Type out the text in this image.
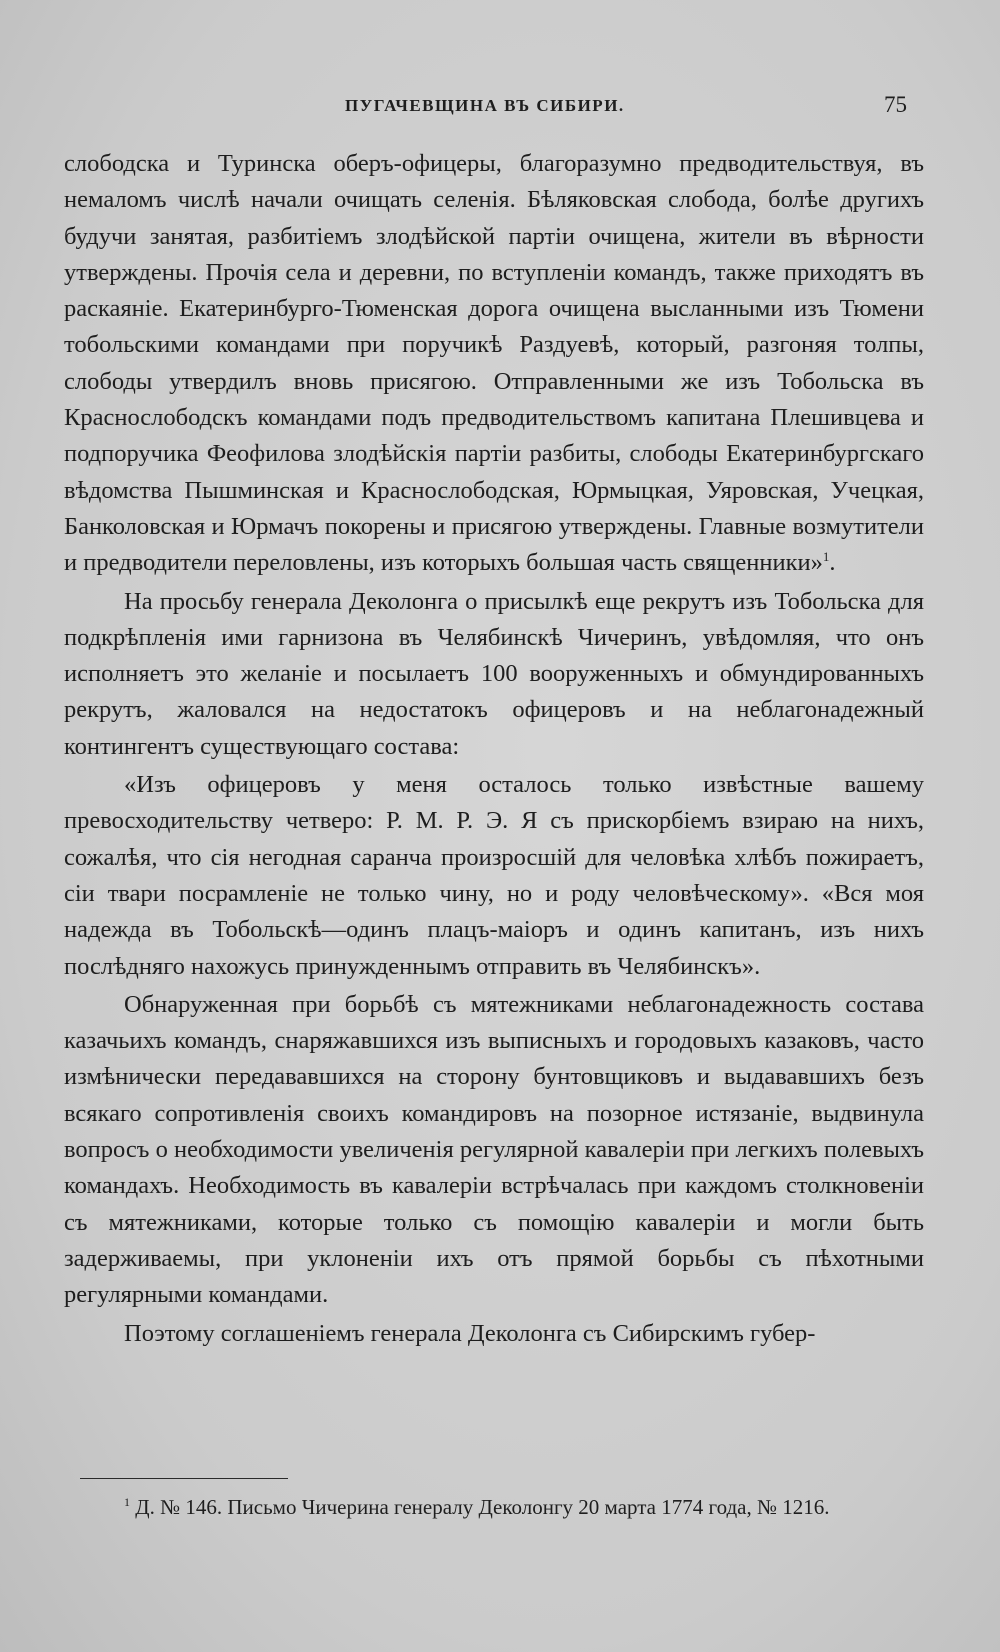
ПУГАЧЕВЩИНА ВЪ СИБИРИ.	75

слободска и Туринска оберъ-офицеры, благоразумно предводительствуя, въ немаломъ числѣ начали очищать селенія. Бѣляковская слобода, болѣе другихъ будучи занятая, разбитіемъ злодѣйской партіи очищена, жители въ вѣрности утверждены. Прочія села и деревни, по вступленіи командъ, также приходятъ въ раскаяніе. Екатеринбурго-Тюменская дорога очищена высланными изъ Тюмени тобольскими командами при поручикѣ Раздуевѣ, который, разгоняя толпы, слободы утвердилъ вновь присягою. Отправленными же изъ Тобольска въ Краснослободскъ командами подъ предводительствомъ капитана Плешивцева и подпоручика Феофилова злодѣйскія партіи разбиты, слободы Екатеринбургскаго вѣдомства Пышминская и Краснослободская, Юрмыцкая, Уяровская, Учецкая, Банколовская и Юрмачъ покорены и присягою утверждены. Главные возмутители и предводители переловлены, изъ которыхъ большая часть священники»$^1$.

На просьбу генерала Деколонга о присылкѣ еще рекрутъ изъ Тобольска для подкрѣпленія ими гарнизона въ Челябинскѣ Чичеринъ, увѣдомляя, что онъ исполняетъ это желаніе и посылаетъ 100 вооруженныхъ и обмундированныхъ рекрутъ, жаловался на недостатокъ офицеровъ и на неблагонадежный контингентъ существующаго состава:

«Изъ офицеровъ у меня осталось только извѣстные вашему превосходительству четверо: Р. М. Р. Э. Я съ прискорбіемъ взираю на нихъ, сожалѣя, что сія негодная саранча произросшій для человѣка хлѣбъ пожираетъ, сіи твари посрамленіе не только чину, но и роду человѣческому». «Вся моя надежда въ Тобольскѣ—одинъ плацъ-маіоръ и одинъ капитанъ, изъ нихъ послѣдняго нахожусь принужденнымъ отправить въ Челябинскъ».

Обнаруженная при борьбѣ съ мятежниками неблагонадежность состава казачьихъ командъ, снаряжавшихся изъ выписныхъ и городовыхъ казаковъ, часто измѣнически передававшихся на сторону бунтовщиковъ и выдававшихъ безъ всякаго сопротивленія своихъ командировъ на позорное истязаніе, выдвинула вопросъ о необходимости увеличенія регулярной кавалеріи при легкихъ полевыхъ командахъ. Необходимость въ кавалеріи встрѣчалась при каждомъ столкновеніи съ мятежниками, которые только съ помощію кавалеріи и могли быть задерживаемы, при уклоненіи ихъ отъ прямой борьбы съ пѣхотными регулярными командами.

Поэтому соглашеніемъ генерала Деколонга съ Сибирскимъ губер-

$^1$ Д. № 146. Письмо Чичерина генералу Деколонгу 20 марта 1774 года, № 1216.
